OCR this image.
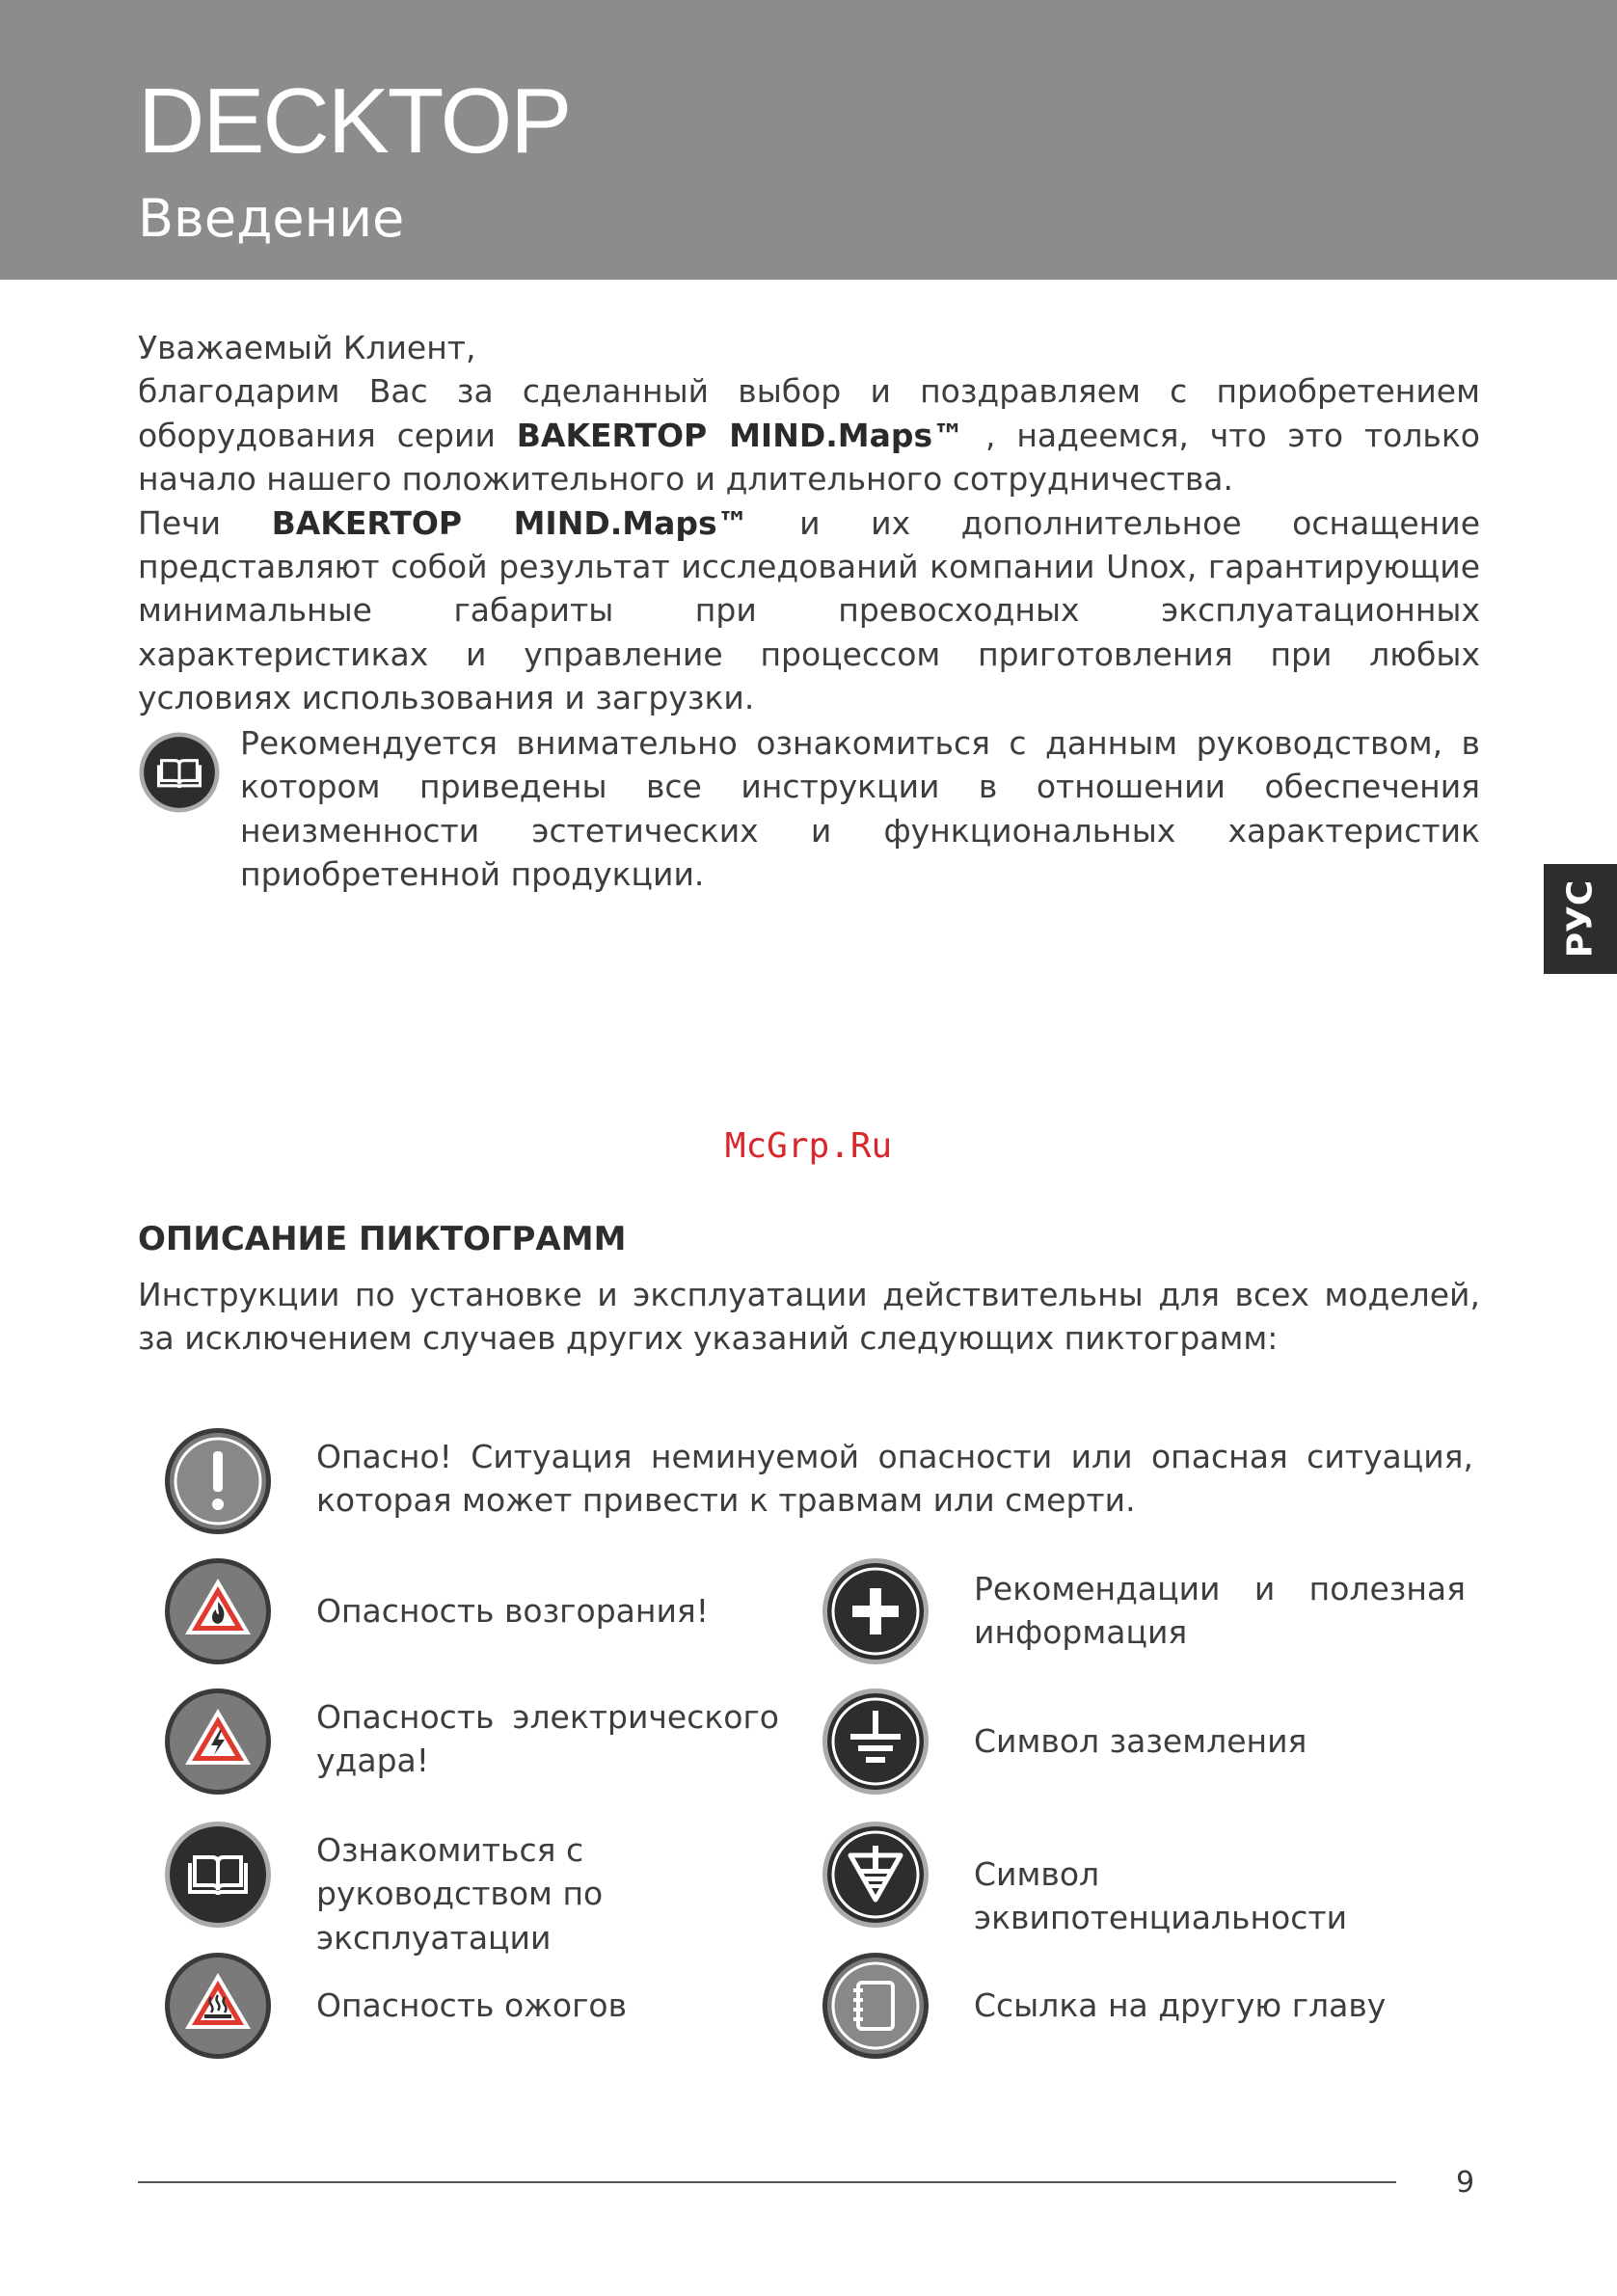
DECKTOP
Введение

Уважаемый Клиент,

благодарим Вас за сделанный выбор и поздравляем с приобретением оборудования серии BAKERTOP MIND.Maps™ , надеемся, что это только начало нашего положительного и длительного сотрудничества.

Печи BAKERTOP MIND.Maps™ и их дополнительное оснащение представляют собой результат исследований компании Unox, гарантирующие минимальные габариты при превосходных эксплуатационных характеристиках и управление процессом приготовления при любых условиях использования и загрузки.

Рекомендуется внимательно ознакомиться с данным руководством, в котором приведены все инструкции в отношении обеспечения неизменности эстетических и функциональных характеристик приобретенной продукции.
РУС
McGrp.Ru
ОПИСАНИЕ ПИКТОГРАММ
Инструкции по установке и эксплуатации действительны для всех моделей, за исключением случаев других указаний следующих пиктограмм:
Опасно! Ситуация неминуемой опасности или опасная ситуация, которая может привести к травмам или смерти.
Опасность возгорания!
Рекомендации и полезная информация
Опасность электрического удара!
Символ заземления
Ознакомиться с руководством по эксплуатации
Символ эквипотенциальности
Опасность ожогов	Ссылка на другую главу
9
